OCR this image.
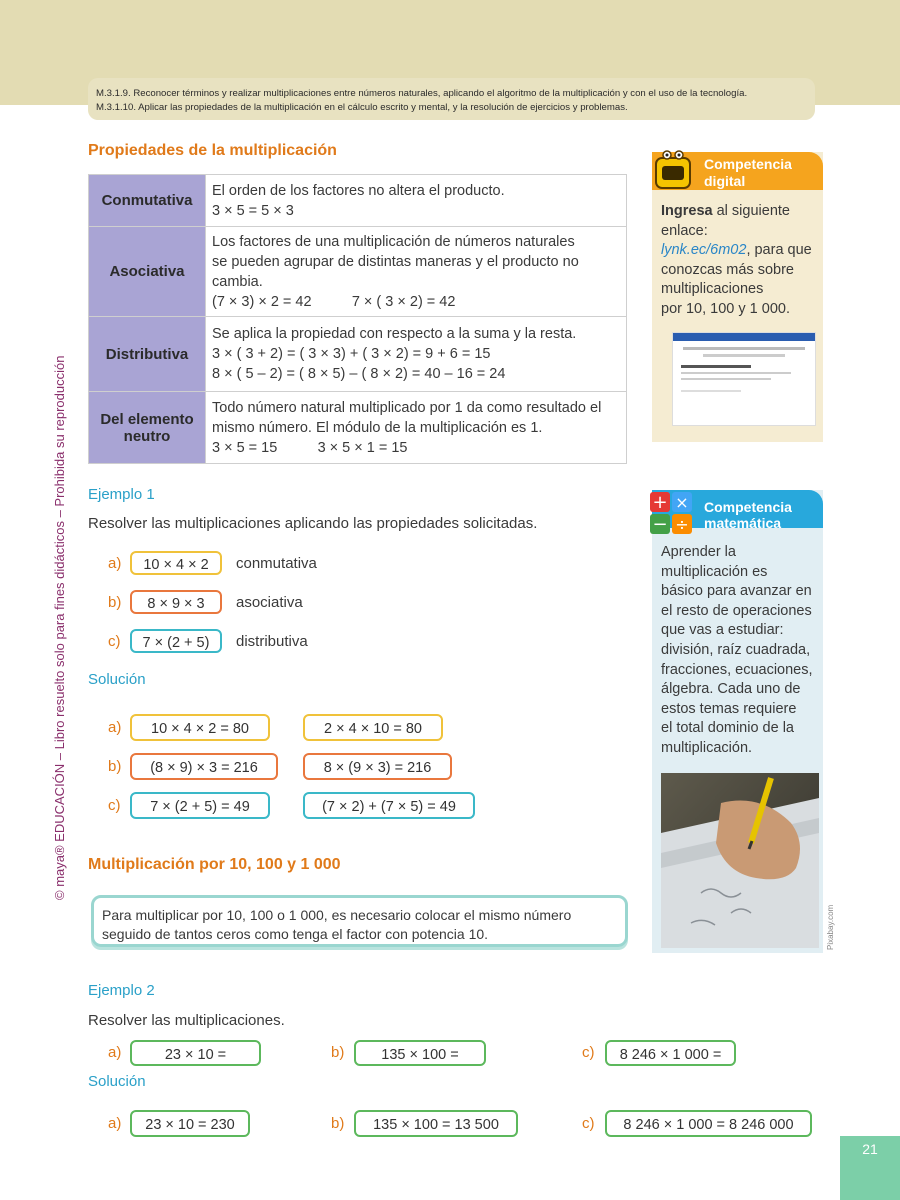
M.3.1.9. Reconocer términos y realizar multiplicaciones entre números naturales, aplicando el algoritmo de la multiplicación y con el uso de la tecnología.
M.3.1.10. Aplicar las propiedades de la multiplicación en el cálculo escrito y mental, y la resolución de ejercicios y problemas.
© maya® EDUCACIÓN – Libro resuelto solo para fines didácticos – Prohibida su reproducción
Propiedades de la multiplicación
Conmutativa	El orden de los factores no altera el producto.
3 × 5 = 5 × 3

Asociativa	Los factores de una multiplicación de números naturales
se pueden agrupar de distintas maneras y el producto no
cambia.
(7 × 3) × 2 = 42          7 × ( 3 × 2) = 42

Distributiva	Se aplica la propiedad con respecto a la suma y la resta.
3 × ( 3 + 2) = ( 3 × 3) + ( 3 × 2) = 9 + 6 = 15
8 × ( 5 – 2) = ( 8 × 5) – ( 8 × 2) = 40 – 16 = 24

Del elemento neutro	Todo número natural multiplicado por 1 da como resultado el
mismo número. El módulo de la multiplicación es 1.
3 × 5 = 15          3 × 5 × 1 = 15
Ejemplo 1
Resolver las multiplicaciones aplicando las propiedades solicitadas.
a)	10 × 4 × 2	conmutativa
b)	8 × 9 × 3	asociativa
c)	7 × (2 + 5)	distributiva
Solución
a)	10 × 4 × 2 = 80	2 × 4 × 10 = 80
b)	(8 × 9) × 3 = 216	8 × (9 × 3) = 216
c)	7 × (2 + 5) = 49	(7 × 2) + (7 × 5) = 49
Multiplicación por 10, 100 y 1 000
Para multiplicar por 10, 100 o 1 000, es necesario colocar el mismo número
seguido de tantos ceros como tenga el factor con potencia 10.
Ejemplo 2
Resolver las multiplicaciones.
a)	23 × 10 =	b)	135 × 100 =	c)	8 246 × 1 000 =
Solución
a)	23 × 10 = 230	b)	135 × 100 = 13 500	c)	8 246 × 1 000 = 8 246 000
Competencia
digital
Ingresa al siguiente
enlace:
lynk.ec/6m02, para que
conozcas más sobre
multiplicaciones
por 10, 100 y 1 000.
Competencia
matemática
+ ×
− ÷
Aprender la
multiplicación es
básico para avanzar en
el resto de operaciones
que vas a estudiar:
división, raíz cuadrada,
fracciones, ecuaciones,
álgebra. Cada uno de
estos temas requiere
el total dominio de la
multiplicación.
Pixabay.com
21
